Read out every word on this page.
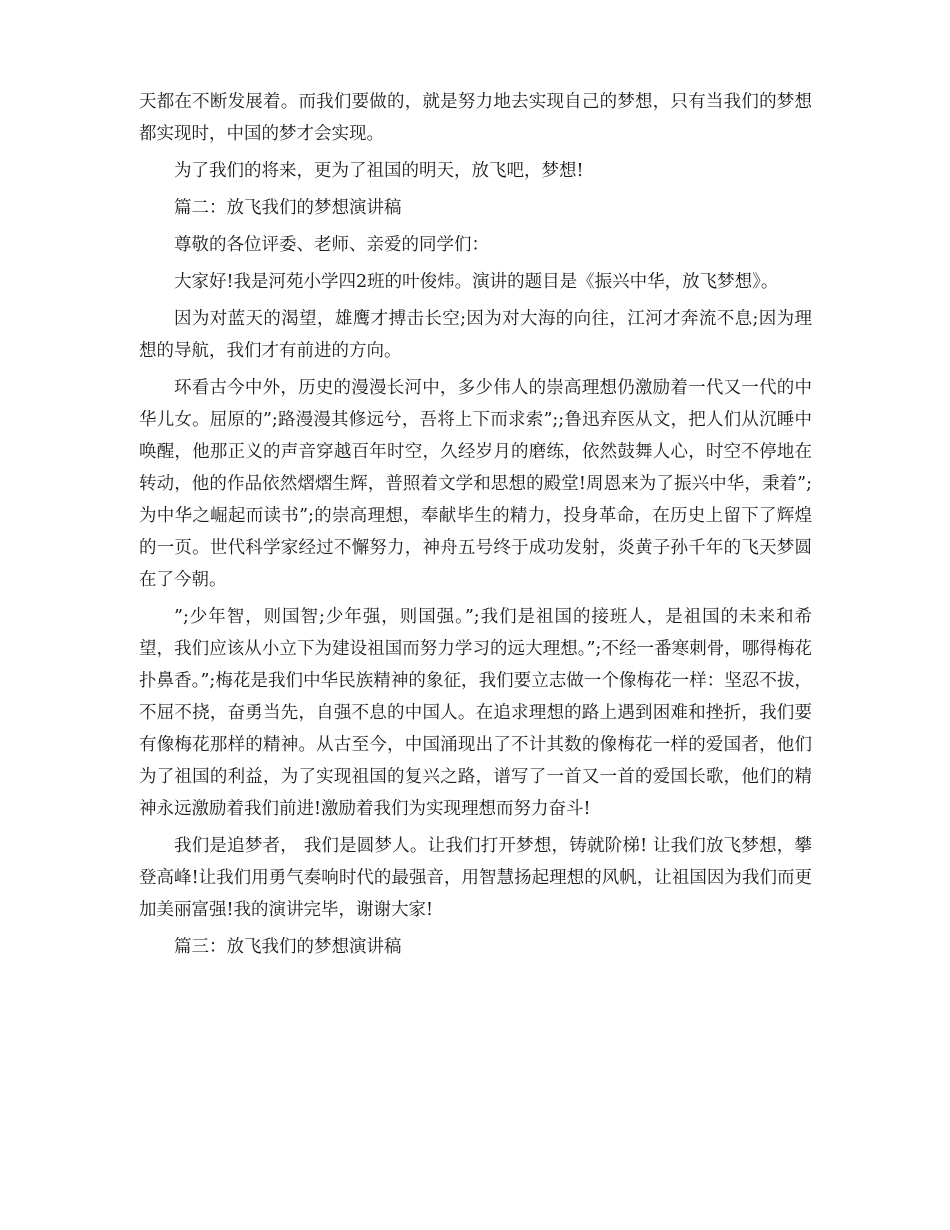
天都在不断发展着。而我们要做的，就是努力地去实现自己的梦想，只有当我们的梦想都实现时，中国的梦才会实现。

为了我们的将来，更为了祖国的明天，放飞吧，梦想!

篇二：放飞我们的梦想演讲稿

尊敬的各位评委、老师、亲爱的同学们：

大家好!我是河苑小学四2班的叶俊炜。演讲的题目是《振兴中华，放飞梦想》。

因为对蓝天的渴望，雄鹰才搏击长空;因为对大海的向往，江河才奔流不息;因为理想的导航，我们才有前进的方向。

环看古今中外，历史的漫漫长河中，多少伟人的崇高理想仍激励着一代又一代的中华儿女。屈原的”;路漫漫其修远兮，吾将上下而求索”;;鲁迅弃医从文，把人们从沉睡中唤醒，他那正义的声音穿越百年时空，久经岁月的磨练，依然鼓舞人心，时空不停地在转动，他的作品依然熠熠生辉，普照着文学和思想的殿堂!周恩来为了振兴中华，秉着”;为中华之崛起而读书”;的崇高理想，奉献毕生的精力，投身革命，在历史上留下了辉煌的一页。世代科学家经过不懈努力，神舟五号终于成功发射，炎黄子孙千年的飞天梦圆在了今朝。

”;少年智，则国智;少年强，则国强。”;我们是祖国的接班人，是祖国的未来和希望，我们应该从小立下为建设祖国而努力学习的远大理想。”;不经一番寒刺骨，哪得梅花扑鼻香。”;梅花是我们中华民族精神的象征，我们要立志做一个像梅花一样：坚忍不拔，不屈不挠，奋勇当先，自强不息的中国人。在追求理想的路上遇到困难和挫折，我们要有像梅花那样的精神。从古至今，中国涌现出了不计其数的像梅花一样的爱国者，他们为了祖国的利益，为了实现祖国的复兴之路，谱写了一首又一首的爱国长歌，他们的精神永远激励着我们前进!激励着我们为实现理想而努力奋斗!

我们是追梦者， 我们是圆梦人。让我们打开梦想，铸就阶梯! 让我们放飞梦想，攀登高峰!让我们用勇气奏响时代的最强音，用智慧扬起理想的风帆，让祖国因为我们而更加美丽富强!我的演讲完毕，谢谢大家!

篇三：放飞我们的梦想演讲稿
